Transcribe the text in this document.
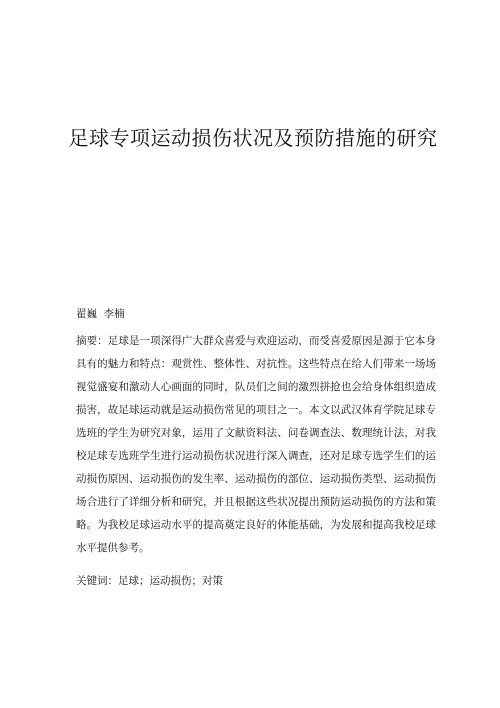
足球专项运动损伤状况及预防措施的研究
翟巍  李楠

摘要：足球是一项深得广大群众喜爱与欢迎运动，而受喜爱原因是源于它本身具有的魅力和特点：观赏性、整体性、对抗性。这些特点在给人们带来一场场视觉盛宴和激动人心画面的同时，队员们之间的激烈拼抢也会给身体组织造成损害，故足球运动就是运动损伤常见的项目之一。本文以武汉体育学院足球专选班的学生为研究对象，运用了文献资料法、问卷调查法、数理统计法，对我校足球专选班学生进行运动损伤状况进行深入调查，还对足球专选学生们的运动损伤原因、运动损伤的发生率、运动损伤的部位、运动损伤类型、运动损伤场合进行了详细分析和研究，并且根据这些状况提出预防运动损伤的方法和策略。为我校足球运动水平的提高奠定良好的体能基础，为发展和提高我校足球水平提供参考。

关键词：足球；运动损伤；对策
